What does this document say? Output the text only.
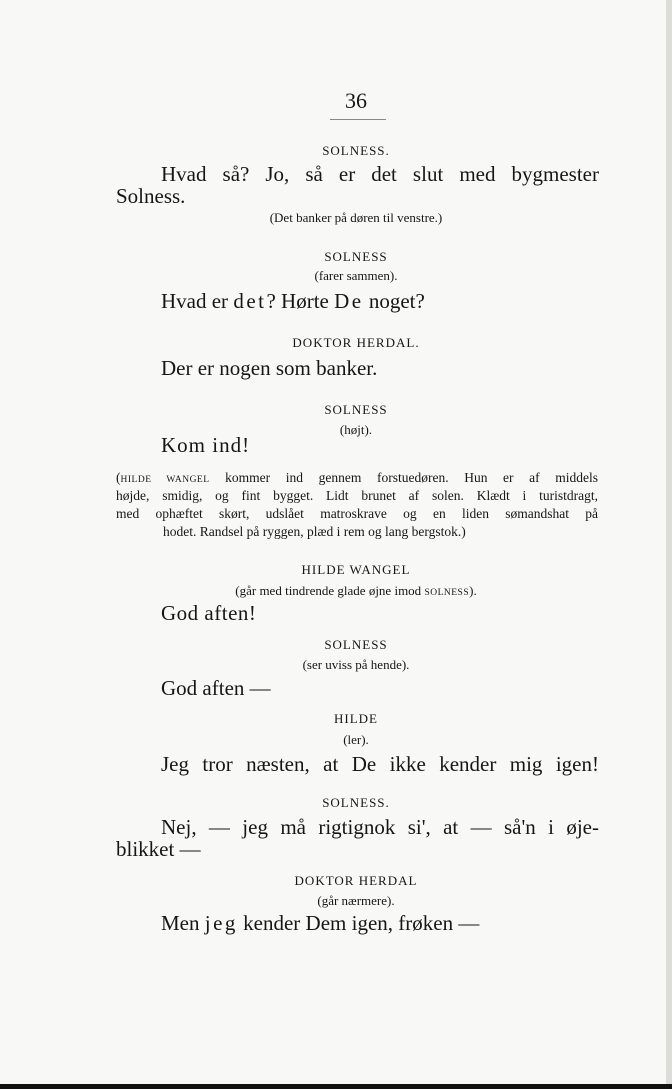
36
SOLNESS.
Hvad så? Jo, så er det slut med bygmester
Solness.
(Det banker på døren til venstre.)
SOLNESS
(farer sammen).
Hvad er det? Hørte De noget?
DOKTOR HERDAL.
Der er nogen som banker.
SOLNESS
(højt).
Kom ind!
(HILDE WANGEL kommer ind gennem forstuedøren. Hun er af middels
højde, smidig, og fint bygget. Lidt brunet af solen. Klædt i turistdragt,
med ophæftet skørt, udslået matroskrave og en liden sømandshat på
hodet. Randsel på ryggen, plæd i rem og lang bergstok.)
HILDE WANGEL
(går med tindrende glade øjne imod SOLNESS).
God aften!
SOLNESS
(ser uviss på hende).
God aften —
HILDE
(ler).
Jeg tror næsten, at De ikke kender mig igen!
SOLNESS.
Nej, — jeg må rigtignok si', at — så'n i øje-
blikket —
DOKTOR HERDAL
(går nærmere).
Men jeg kender Dem igen, frøken —
